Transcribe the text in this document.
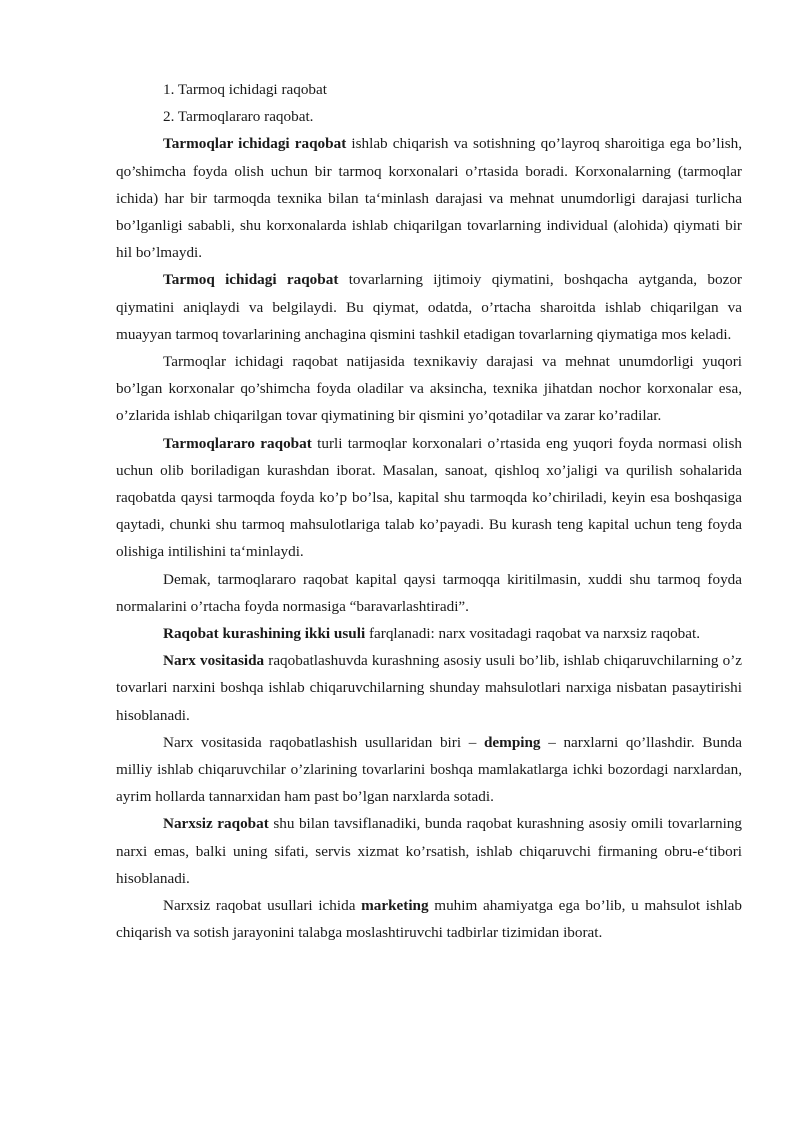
1. Tarmoq ichidagi raqobat

2. Tarmoqlararo raqobat.

Tarmoqlar ichidagi raqobat ishlab chiqarish va sotishning qo’layroq sharoitiga ega bo’lish, qo’shimcha foyda olish uchun bir tarmoq korxonalari o’rtasida boradi. Korxonalarning (tarmoqlar ichida) har bir tarmoqda texnika bilan ta‘minlash darajasi va mehnat unumdorligi darajasi turlicha bo’lganligi sababli, shu korxonalarda ishlab chiqarilgan tovarlarning individual (alohida) qiymati bir hil bo’lmaydi.

Tarmoq ichidagi raqobat tovarlarning ijtimoiy qiymatini, boshqacha aytganda, bozor qiymatini aniqlaydi va belgilaydi. Bu qiymat, odatda, o’rtacha sharoitda ishlab chiqarilgan va muayyan tarmoq tovarlarining anchagina qismini tashkil etadigan tovarlarning qiymatiga mos keladi.

Tarmoqlar ichidagi raqobat natijasida texnikaviy darajasi va mehnat unumdorligi yuqori bo’lgan korxonalar qo’shimcha foyda oladilar va aksincha, texnika jihatdan nochor korxonalar esa, o’zlarida ishlab chiqarilgan tovar qiymatining bir qismini yo’qotadilar va zarar ko’radilar.

Tarmoqlararo raqobat turli tarmoqlar korxonalari o’rtasida eng yuqori foyda normasi olish uchun olib boriladigan kurashdan iborat. Masalan, sanoat, qishloq xo’jaligi va qurilish sohalarida raqobatda qaysi tarmoqda foyda ko’p bo’lsa, kapital shu tarmoqda ko’chiriladi, keyin esa boshqasiga qaytadi, chunki shu tarmoq mahsulotlariga talab ko’payadi. Bu kurash teng kapital uchun teng foyda olishiga intilishini ta‘minlaydi.

Demak, tarmoqlararo raqobat kapital qaysi tarmoqqa kiritilmasin, xuddi shu tarmoq foyda normalarini o’rtacha foyda normasiga “baravarlashtiradi”.

Raqobat kurashining ikki usuli farqlanadi: narx vositadagi raqobat va narxsiz raqobat.

Narx vositasida raqobatlashuvda kurashning asosiy usuli bo’lib, ishlab chiqaruvchilarning o’z tovarlari narxini boshqa ishlab chiqaruvchilarning shunday mahsulotlari narxiga nisbatan pasaytirishi hisoblanadi.

Narx vositasida raqobatlashish usullaridan biri – demping – narxlarni qo’llashdir. Bunda milliy ishlab chiqaruvchilar o’zlarining tovarlarini boshqa mamlakatlarga ichki bozordagi narxlardan, ayrim hollarda tannarxidan ham past bo’lgan narxlarda sotadi.

Narxsiz raqobat shu bilan tavsiflanadiki, bunda raqobat kurashning asosiy omili tovarlarning narxi emas, balki uning sifati, servis xizmat ko’rsatish, ishlab chiqaruvchi firmaning obru-e‘tibori hisoblanadi.

Narxsiz raqobat usullari ichida marketing muhim ahamiyatga ega bo’lib, u mahsulot ishlab chiqarish va sotish jarayonini talabga moslashtiruvchi tadbirlar tizimidan iborat.
